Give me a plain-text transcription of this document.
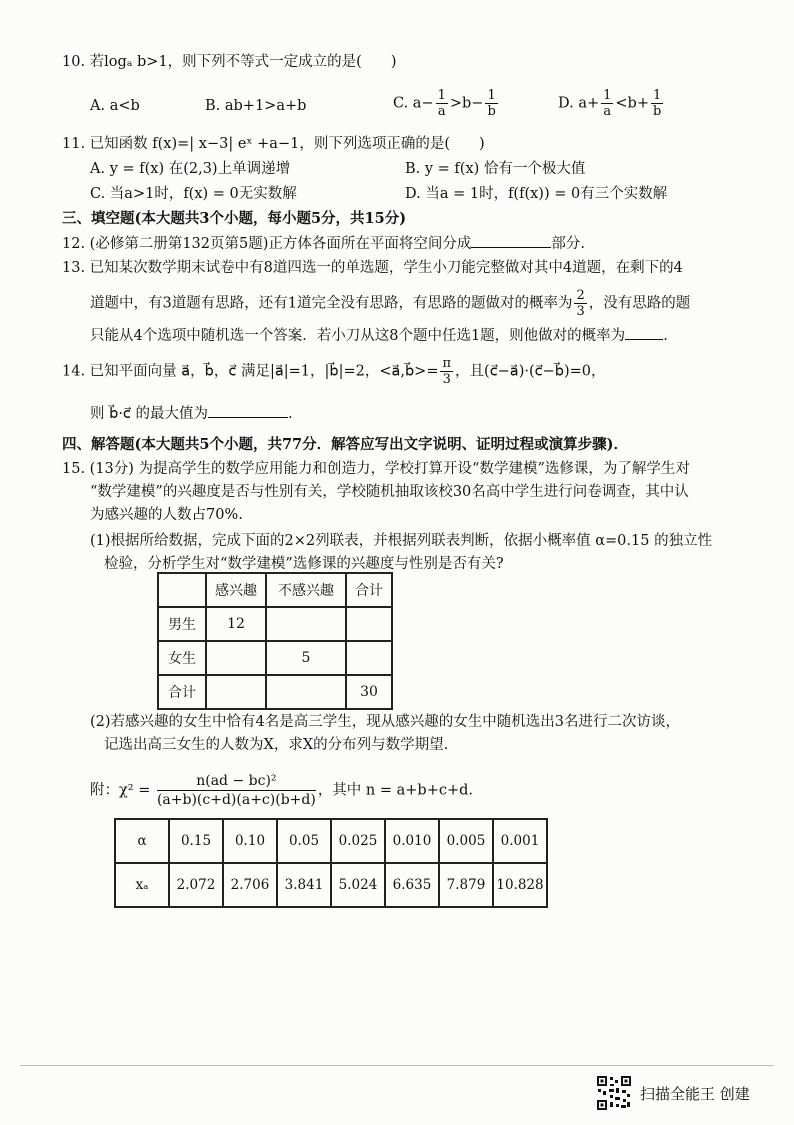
10. 若logₐ b>1，则下列不等式一定成立的是(　　)
A. a<b	B. ab+1>a+b	C. $a- \frac{1}{a} >b- \frac{1}{b}$	D. $a+ \frac{1}{a} <b+ \frac{1}{b}$
11. 已知函数 f(x)=| x−3| eˣ +a−1，则下列选项正确的是(　　)
A. y = f(x) 在(2,3)上单调递增	B. y = f(x) 恰有一个极大值
C. 当a>1时，f(x) = 0无实数解	D. 当a = 1时，f(f(x)) = 0有三个实数解
三、填空题(本大题共3个小题，每小题5分，共15分)
12. (必修第二册第132页第5题)正方体各面所在平面将空间分成	部分.
13. 已知某次数学期末试卷中有8道四选一的单选题，学生小刀能完整做对其中4道题，在剩下的4
道题中，有3道题有思路，还有1道完全没有思路，有思路的题做对的概率为 $\frac{2}{3}$ ，没有思路的题
只能从4个选项中随机选一个答案．若小刀从这8个题中任选1题，则他做对的概率为	.
14. 已知平面向量 a⃗，b⃗，c⃗ 满足|a⃗|=1，|b⃗|=2，<a⃗,b⃗>= $\frac{\pi}{3}$ ，且(c⃗−a⃗)·(c⃗−b⃗)=0，
则 b⃗·c⃗ 的最大值为	.
四、解答题(本大题共5个小题，共77分．解答应写出文字说明、证明过程或演算步骤)．
15. (13分) 为提高学生的数学应用能力和创造力，学校打算开设“数学建模”选修课，为了解学生对
“数学建模”的兴趣度是否与性别有关，学校随机抽取该校30名高中学生进行问卷调查，其中认
为感兴趣的人数占70%.
(1)根据所给数据，完成下面的2×2列联表，并根据列联表判断，依据小概率值 α=0.15 的独立性
检验，分析学生对“数学建模”选修课的兴趣度与性别是否有关?
	感兴趣	不感兴趣	合计
男生	12		
女生		5	
合计			30
(2)若感兴趣的女生中恰有4名是高三学生，现从感兴趣的女生中随机选出3名进行二次访谈，
记选出高三女生的人数为X，求X的分布列与数学期望.
附：$\chi^2 = \frac{\text{n(ad − bc)²}}{(a+b)(c+d)(a+c)(b+d)}$ ，其中 n = a+b+c+d.
α	0.15	0.10	0.05	0.025	0.010	0.005	0.001
xₐ	2.072	2.706	3.841	5.024	6.635	7.879	10.828
扫描全能王 创建
